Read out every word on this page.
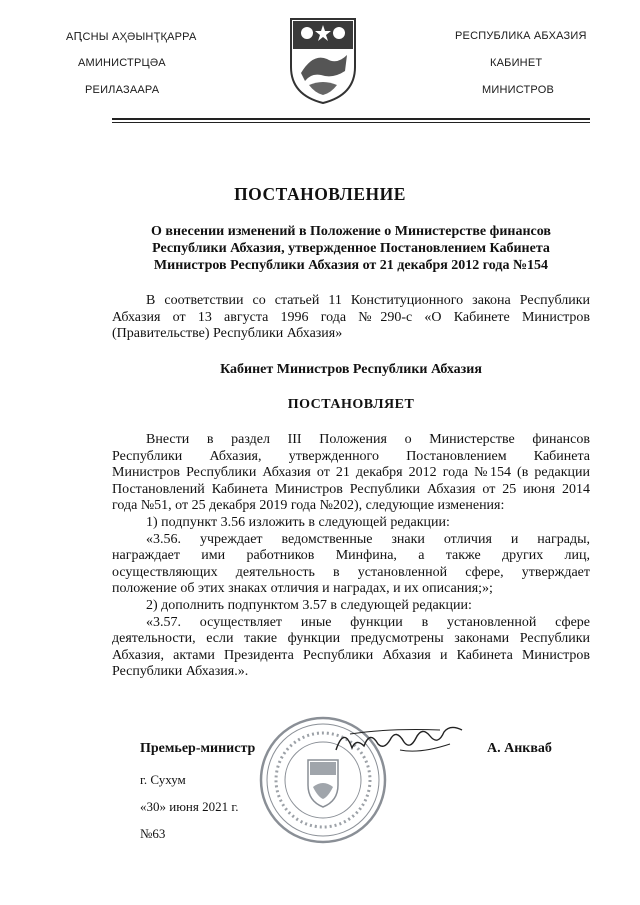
АԤСНЫ АҲӘЫНҬҚАРРА
АМИНИСТРЦӘА
РЕИЛАЗААРА
РЕСПУБЛИКА АБХАЗИЯ
КАБИНЕТ
МИНИСТРОВ
ПОСТАНОВЛЕНИЕ
О внесении изменений в Положение о Министерстве финансов
Республики Абхазия, утвержденное Постановлением Кабинета
Министров Республики Абхазия от 21 декабря 2012 года №154
В соответствии со статьей 11 Конституционного закона Республики
Абхазия от 13 августа 1996 года №290-с «О Кабинете Министров
(Правительстве) Республики Абхазия»
Кабинет Министров Республики Абхазия
ПОСТАНОВЛЯЕТ
Внести в раздел III Положения о Министерстве финансов
Республики Абхазия, утвержденного Постановлением Кабинета
Министров Республики Абхазия от 21 декабря 2012 года №154 (в редакции
Постановлений Кабинета Министров Республики Абхазия от 25 июня 2014
года №51, от 25 декабря 2019 года №202), следующие изменения:
1) подпункт 3.56 изложить в следующей редакции:
«3.56. учреждает ведомственные знаки отличия и награды,
награждает ими работников Минфина, а также других лиц,
осуществляющих деятельность в установленной сфере, утверждает
положение об этих знаках отличия и наградах, и их описания;»;
2) дополнить подпунктом 3.57 в следующей редакции:
«3.57. осуществляет иные функции в установленной сфере
деятельности, если такие функции предусмотрены законами Республики
Абхазия, актами Президента Республики Абхазия и Кабинета Министров
Республики Абхазия.».
Премьер-министр	А. Анкваб
г. Сухум
«30» июня 2021 г.
№63
